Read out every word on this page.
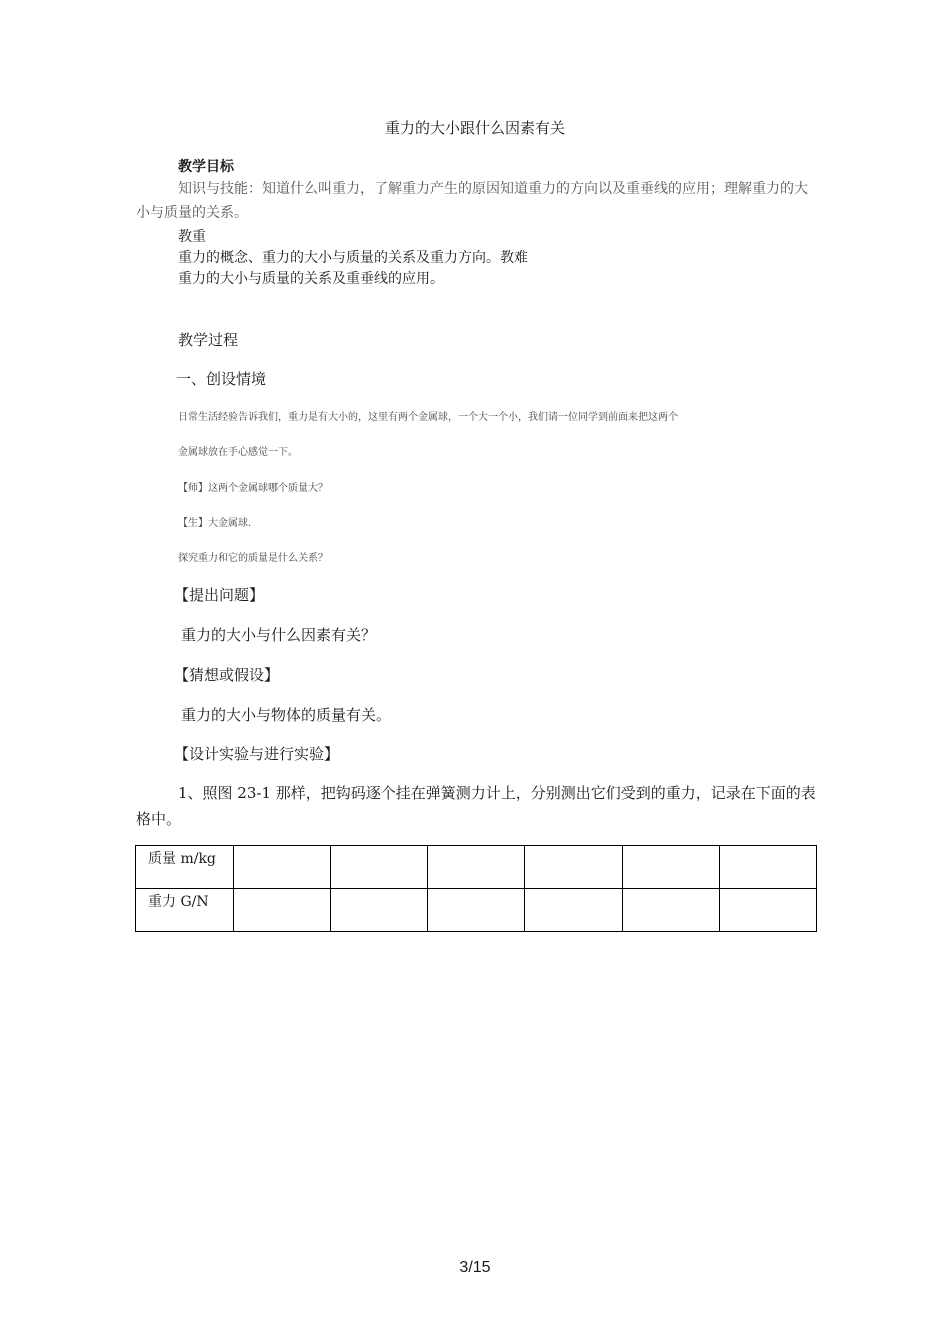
重力的大小跟什么因素有关
教学目标
知识与技能：知道什么叫重力，了解重力产生的原因知道重力的方向以及重垂线的应用；理解重力的大小与质量的关系。
教重
重力的概念、重力的大小与质量的关系及重力方向。教难
重力的大小与质量的关系及重垂线的应用。
教学过程
一、创设情境
日常生活经验告诉我们，重力是有大小的，这里有两个金属球，一个大一个小，我们请一位同学到前面来把这两个
金属球放在手心感觉一下。
【师】这两个金属球哪个质量大？
【生】大金属球.
探究重力和它的质量是什么关系？
【提出问题】
重力的大小与什么因素有关？
【猜想或假设】
重力的大小与物体的质量有关。
【设计实验与进行实验】
1、照图 23-1 那样，把钩码逐个挂在弹簧测力计上，分别测出它们受到的重力，记录在下面的表格中。
质量 m/kg						
重力 G/N						
3/15
